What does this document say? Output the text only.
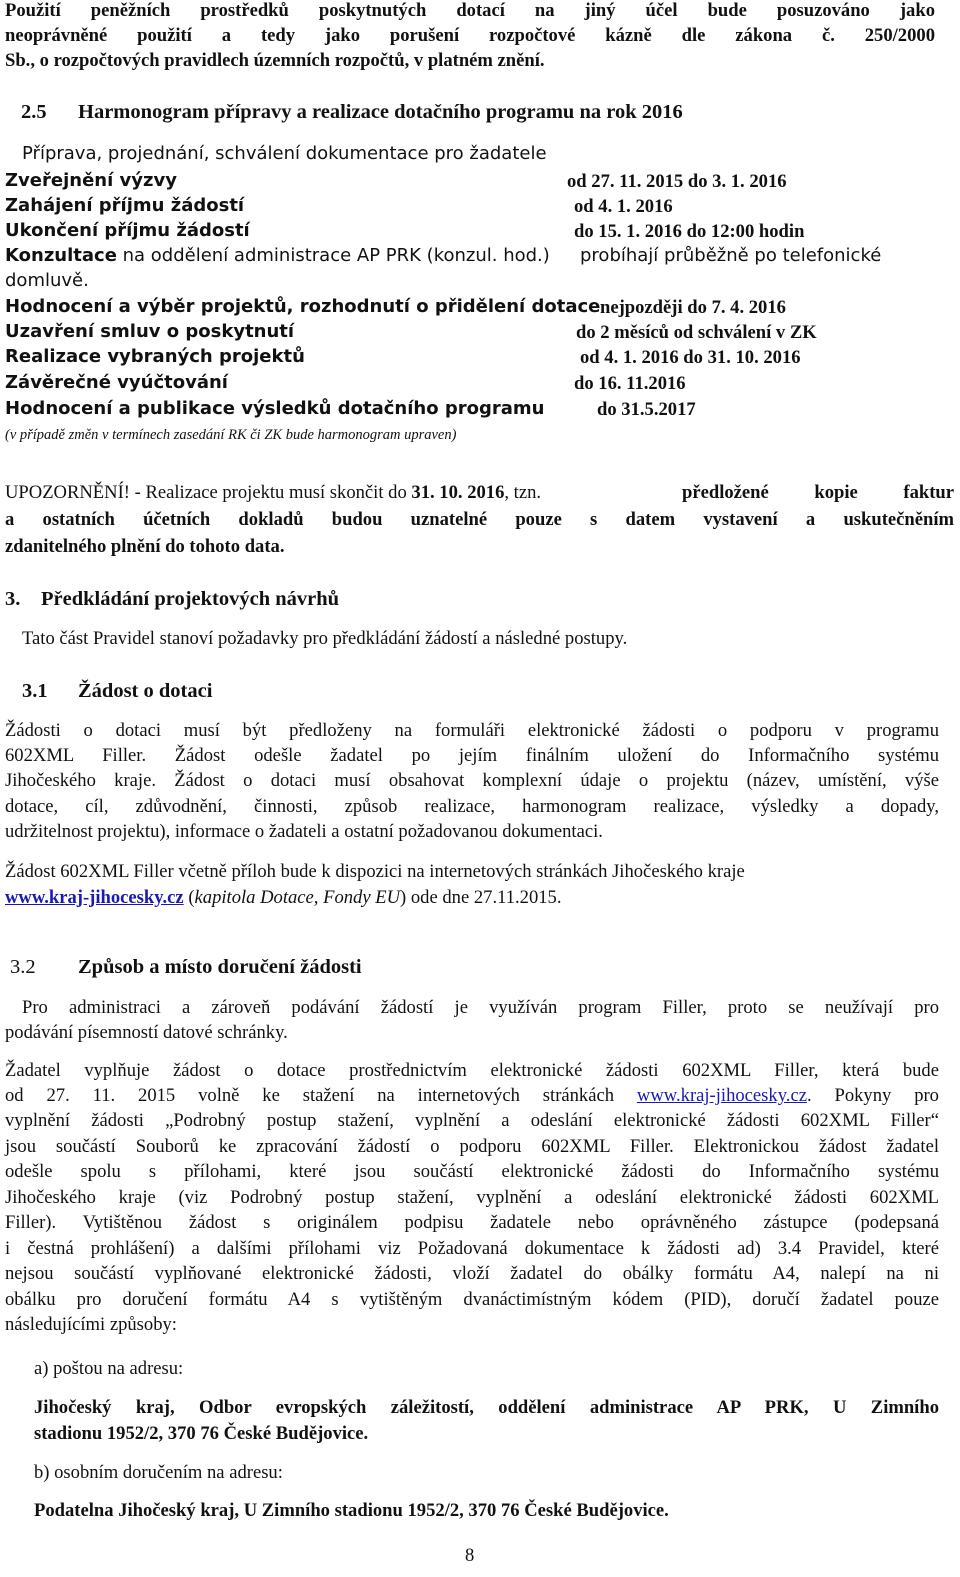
Použití peněžních prostředků poskytnutých dotací na jiný účel bude posuzováno jako
neoprávněné použití a tedy jako porušení rozpočtové kázně dle zákona č. 250/2000
Sb., o rozpočtových pravidlech územních rozpočtů, v platném znění.
2.5 Harmonogram přípravy a realizace dotačního programu na rok 2016
Příprava, projednání, schválení dokumentace pro žadatele
Zveřejnění výzvy	od 27. 11. 2015 do 3. 1. 2016
Zahájení příjmu žádostí	od 4. 1. 2016
Ukončení příjmu žádostí	do 15. 1. 2016 do 12:00 hodin
Konzultace na oddělení administrace AP PRK (konzul. hod.) probíhají průběžně po telefonické
domluvě.
Hodnocení a výběr projektů, rozhodnutí o přidělení dotace nejpozději do 7. 4. 2016
Uzavření smluv o poskytnutí	do 2 měsíců od schválení v ZK
Realizace vybraných projektů	od 4. 1. 2016 do 31. 10. 2016
Závěrečné vyúčtování	do 16. 11.2016
Hodnocení a publikace výsledků dotačního programu	do 31.5.2017
(v případě změn v termínech zasedání RK či ZK bude harmonogram upraven)
UPOZORNĚNÍ! - Realizace projektu musí skončit do 31. 10. 2016, tzn.	předložené kopie faktur
a ostatních účetních dokladů budou uznatelné pouze s datem vystavení a uskutečněním
zdanitelného plnění do tohoto data.
3. Předkládání projektových návrhů
Tato část Pravidel stanoví požadavky pro předkládání žádostí a následné postupy.
3.1 Žádost o dotaci
Žádosti o dotaci musí být předloženy na formuláři elektronické žádosti o podporu v programu
602XML Filler. Žádost odešle žadatel po jejím finálním uložení do Informačního systému
Jihočeského kraje. Žádost o dotaci musí obsahovat komplexní údaje o projektu (název, umístění, výše
dotace, cíl, zdůvodnění, činnosti, způsob realizace, harmonogram realizace, výsledky a dopady,
udržitelnost projektu), informace o žadateli a ostatní požadovanou dokumentaci.
Žádost 602XML Filler včetně příloh bude k dispozici na internetových stránkách Jihočeského kraje
www.kraj-jihocesky.cz (kapitola Dotace, Fondy EU) ode dne 27.11.2015.
3.2 Způsob a místo doručení žádosti
Pro administraci a zároveň podávání žádostí je využíván program Filler, proto se neužívají pro
podávání písemností datové schránky.
Žadatel vyplňuje žádost o dotace prostřednictvím elektronické žádosti 602XML Filler, která bude
od 27. 11. 2015 volně ke stažení na internetových stránkách www.kraj-jihocesky.cz. Pokyny pro
vyplnění žádosti „Podrobný postup stažení, vyplnění a odeslání elektronické žádosti 602XML Filler“
jsou součástí Souborů ke zpracování žádostí o podporu 602XML Filler. Elektronickou žádost žadatel
odešle spolu s přílohami, které jsou součástí elektronické žádosti do Informačního systému
Jihočeského kraje (viz Podrobný postup stažení, vyplnění a odeslání elektronické žádosti 602XML
Filler). Vytištěnou žádost s originálem podpisu žadatele nebo oprávněného zástupce (podepsaná
i čestná prohlášení) a dalšími přílohami viz Požadovaná dokumentace k žádosti ad) 3.4 Pravidel, které
nejsou součástí vyplňované elektronické žádosti, vloží žadatel do obálky formátu A4, nalepí na ni
obálku pro doručení formátu A4 s vytištěným dvanáctimístným kódem (PID), doručí žadatel pouze
následujícími způsoby:
a) poštou na adresu:
Jihočeský kraj, Odbor evropských záležitostí, oddělení administrace AP PRK, U Zimního
stadionu 1952/2, 370 76 České Budějovice.
b) osobním doručením na adresu:
Podatelna Jihočeský kraj, U Zimního stadionu 1952/2, 370 76 České Budějovice.
8
